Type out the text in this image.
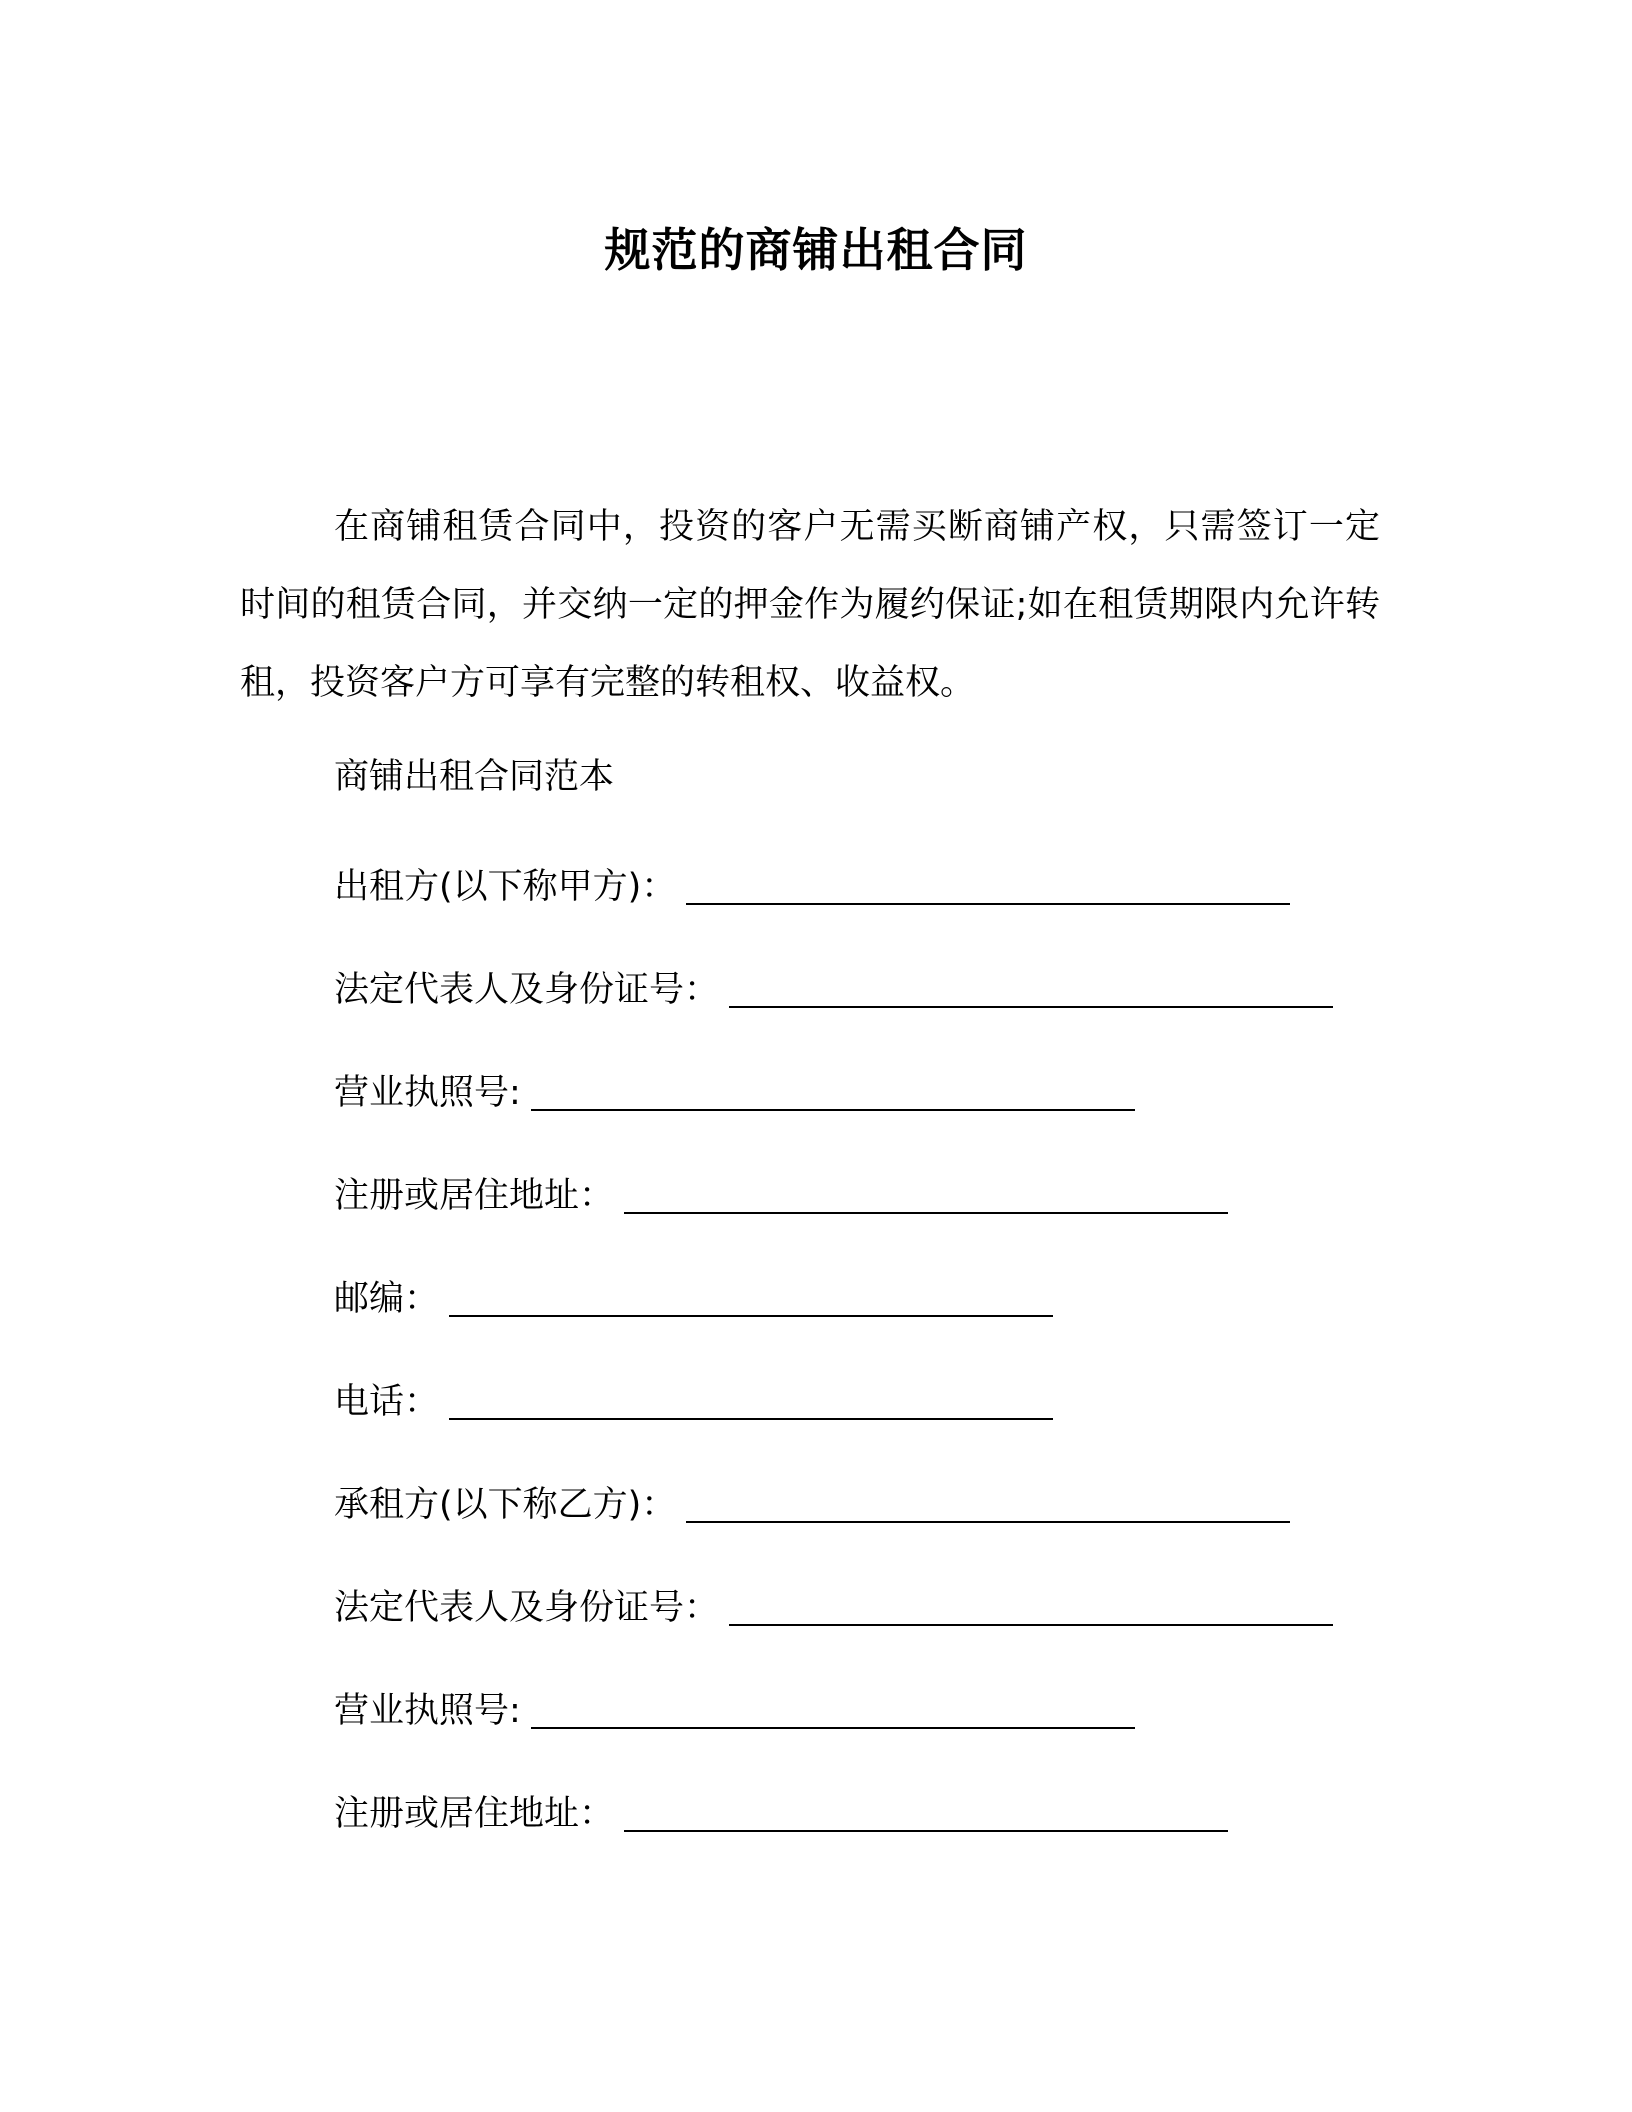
规范的商铺出租合同

在商铺租赁合同中，投资的客户无需买断商铺产权，只需签订一定时间的租赁合同，并交纳一定的押金作为履约保证;如在租赁期限内允许转租，投资客户方可享有完整的转租权、收益权。

商铺出租合同范本
出租方(以下称甲方)：
法定代表人及身份证号：
营业执照号:
注册或居住地址：
邮编：
电话：
承租方(以下称乙方)：
法定代表人及身份证号：
营业执照号:
注册或居住地址：
